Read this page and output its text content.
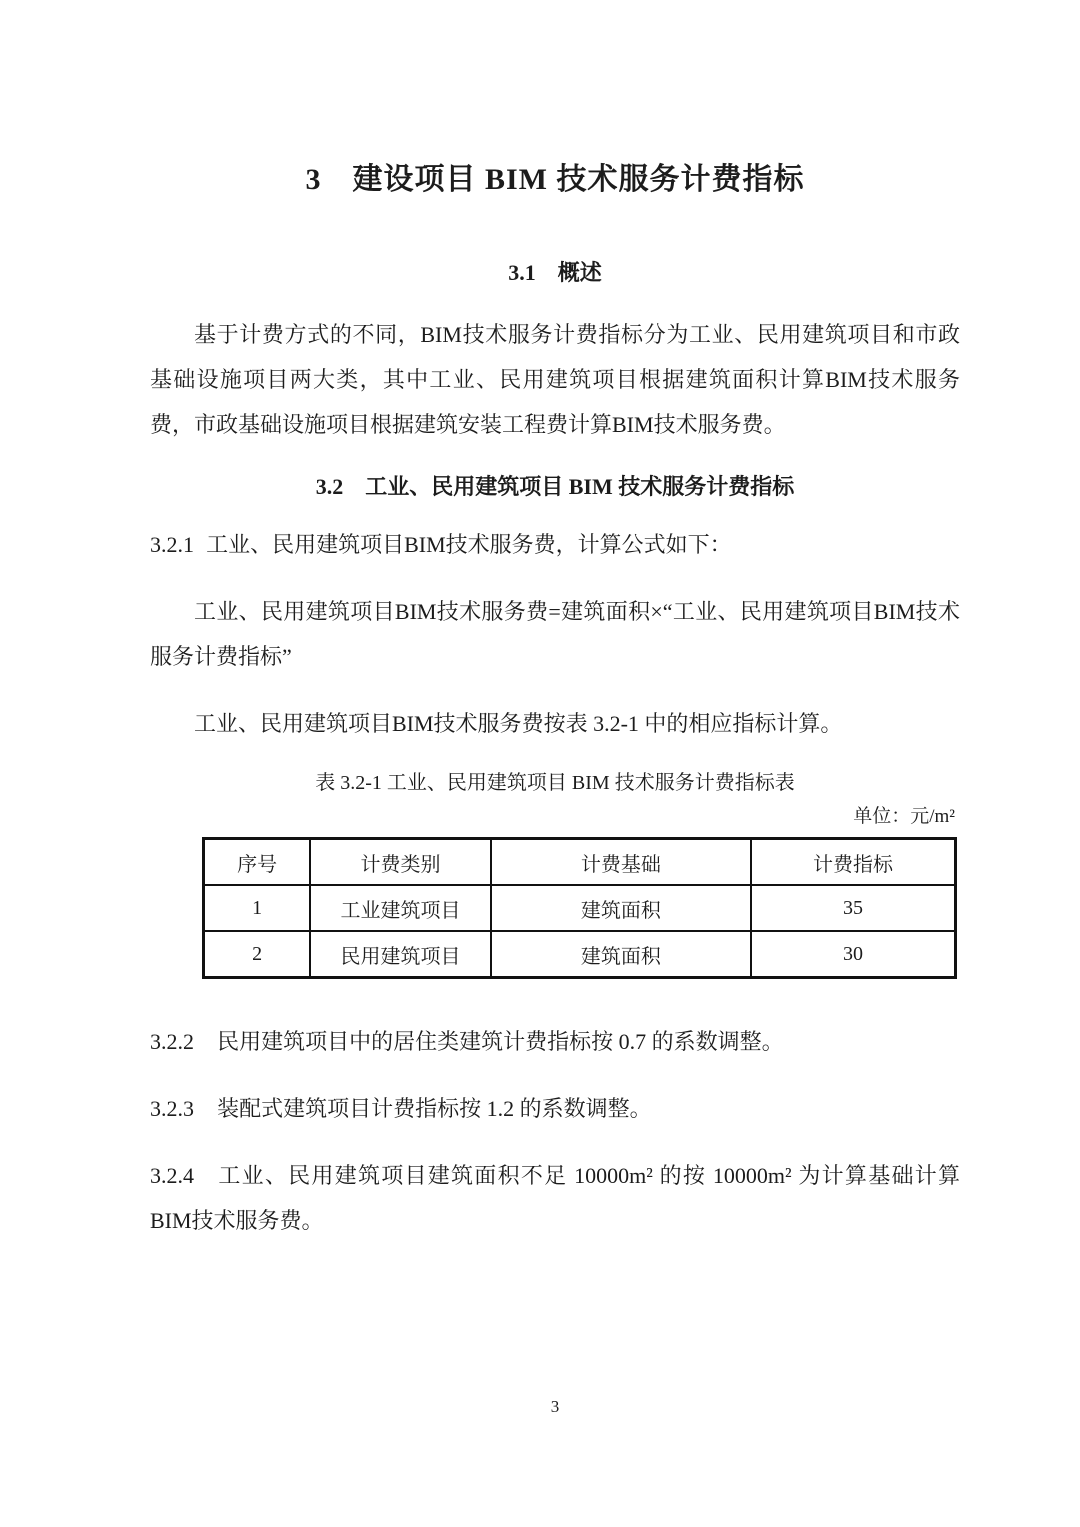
3　建设项目 BIM 技术服务计费指标
3.1　概述

基于计费方式的不同，BIM技术服务计费指标分为工业、民用建筑项目和市政基础设施项目两大类，其中工业、民用建筑项目根据建筑面积计算BIM技术服务费，市政基础设施项目根据建筑安装工程费计算BIM技术服务费。

3.2　工业、民用建筑项目 BIM 技术服务计费指标

3.2.1 工业、民用建筑项目BIM技术服务费，计算公式如下：

工业、民用建筑项目BIM技术服务费=建筑面积×“工业、民用建筑项目BIM技术服务计费指标”

工业、民用建筑项目BIM技术服务费按表 3.2-1 中的相应指标计算。

表 3.2-1 工业、民用建筑项目 BIM 技术服务计费指标表
单位：元/m²
序号	计费类别	计费基础	计费指标
1	工业建筑项目	建筑面积	35
2	民用建筑项目	建筑面积	30

3.2.2 民用建筑项目中的居住类建筑计费指标按 0.7 的系数调整。

3.2.3 装配式建筑项目计费指标按 1.2 的系数调整。

3.2.4 工业、民用建筑项目建筑面积不足 10000m² 的按 10000m² 为计算基础计算BIM技术服务费。

3
